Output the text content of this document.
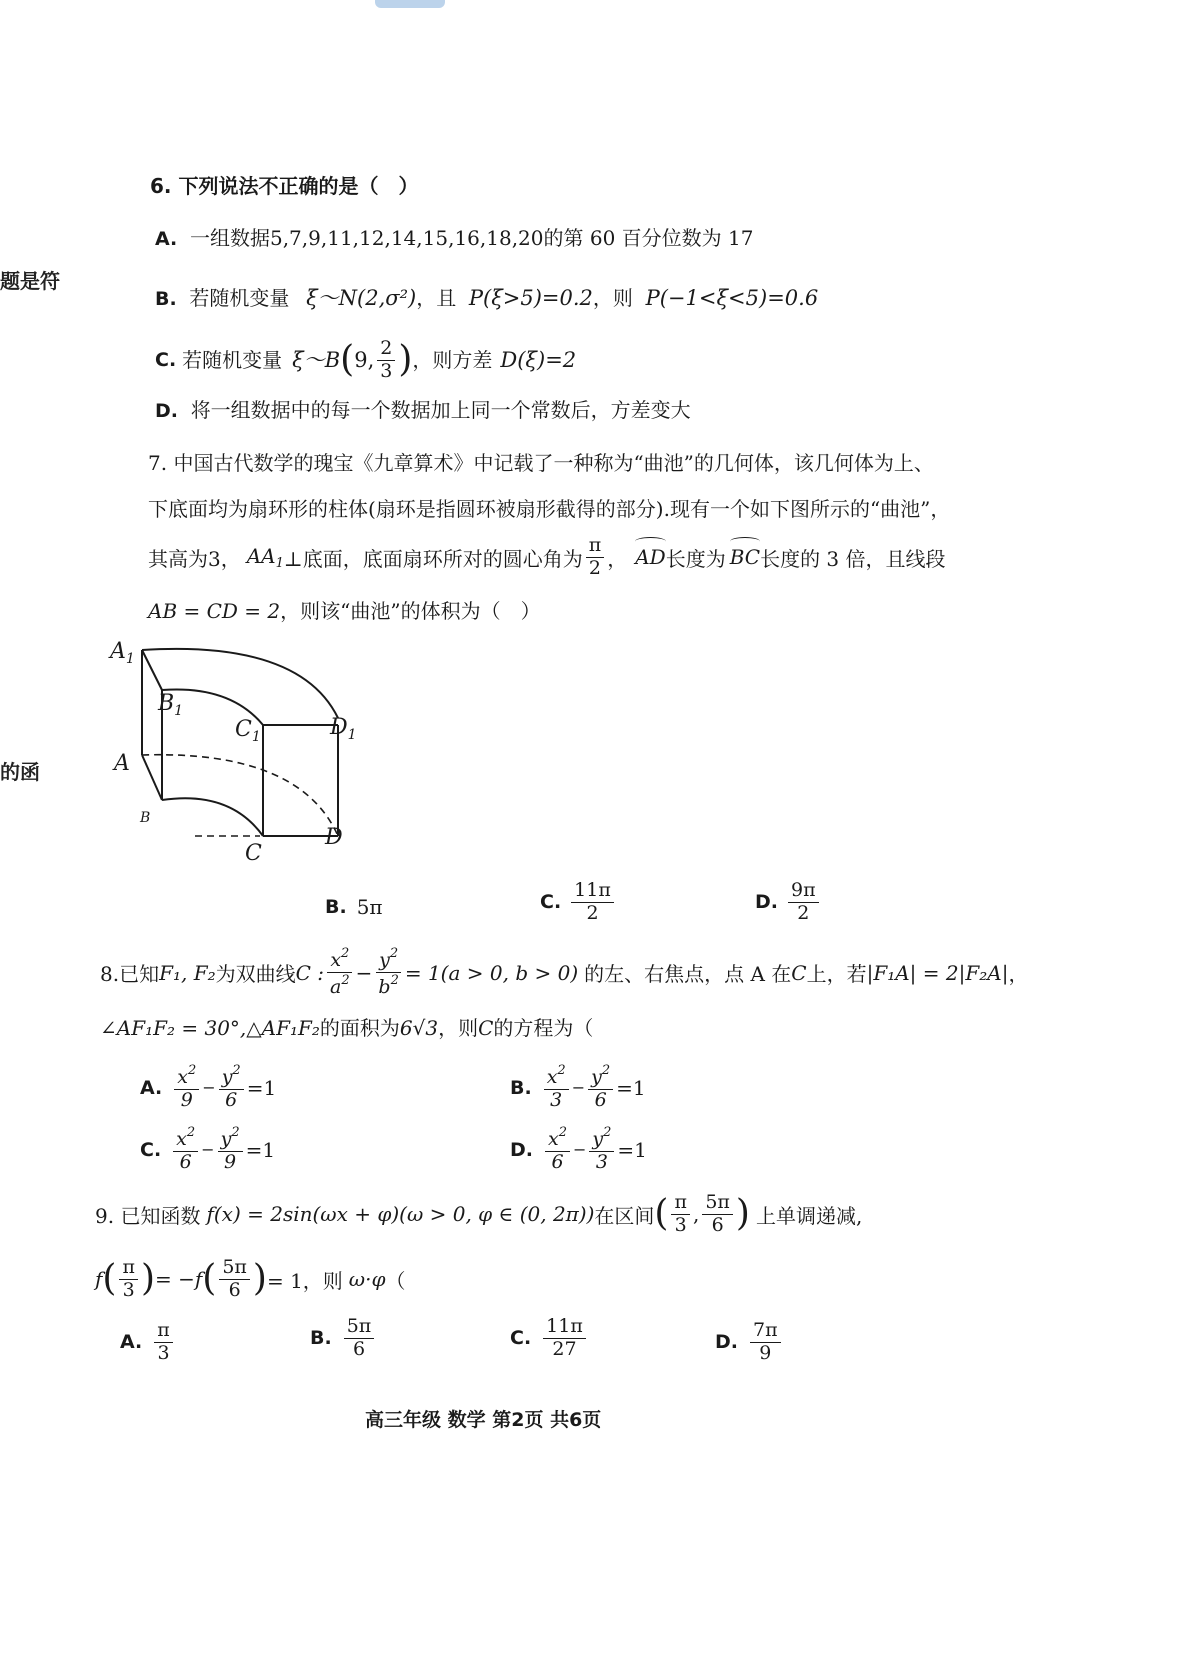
题是符
的函
6. 下列说法不正确的是（　）
A. 一组数据5,7,9,11,12,14,15,16,18,20的第 60 百分位数为 17
B. 若随机变量 ξ～N(2,σ²)，且 P(ξ>5)=0.2，则 P(−1<ξ<5)=0.6
C. 若随机变量 ξ～B ( 9, $\frac{2}{3}$ ) ，则方差 D(ξ)=2
D. 将一组数据中的每一个数据加上同一个常数后，方差变大
7. 中国古代数学的瑰宝《九章算术》中记载了一种称为“曲池”的几何体，该几何体为上、
下底面均为扇环形的柱体(扇环是指圆环被扇形截得的部分).现有一个如下图所示的“曲池”，
其高为3， $AA_1$ ⊥底面，底面扇环所对的圆心角为 $\frac{\pi}{2}$ ， AD 长度为 BC 长度的 3 倍，且线段
AB = CD = 2，则该“曲池”的体积为（　）
$A_1$
$B_1$
$C_1$	$D_1$
A
B
C
D
B. 5π	C. $\frac{11\pi}{2}$	D. $\frac{9\pi}{2}$
8.已知 F₁, F₂ 为双曲线 C : $\frac{x^2}{a^2} - \frac{y^2}{b^2} = 1(a > 0$, b > 0) 的左、右焦点，点 A 在 C 上，若 |F₁A| = 2|F₂A| ，
∠AF₁F₂ = 30°,△AF₁F₂的面积为6√3，则C的方程为（
A. $\frac{x^2}{9} - \frac{y^2}{6} =1$	B. $\frac{x^2}{3} - \frac{y^2}{6} =1$
C. $\frac{x^2}{6} - \frac{y^2}{9} =1$	D. $\frac{x^2}{6} - \frac{y^2}{3} =1$
9. 已知函数 f(x) = 2sin(ωx + φ)(ω > 0, φ ∈ (0, 2π)) 在区间 ( $\frac{\pi}{3}$ , $\frac{5\pi}{6}$ ) 上单调递减,
f ( $\frac{\pi}{3}$ ) = −f ( $\frac{5\pi}{6}$ ) = 1，则 ω·φ （
A. $\frac{\pi}{3}$	B. $\frac{5\pi}{6}$	C. $\frac{11\pi}{27}$	D. $\frac{7\pi}{9}$
高三年级 数学 第2页 共6页
